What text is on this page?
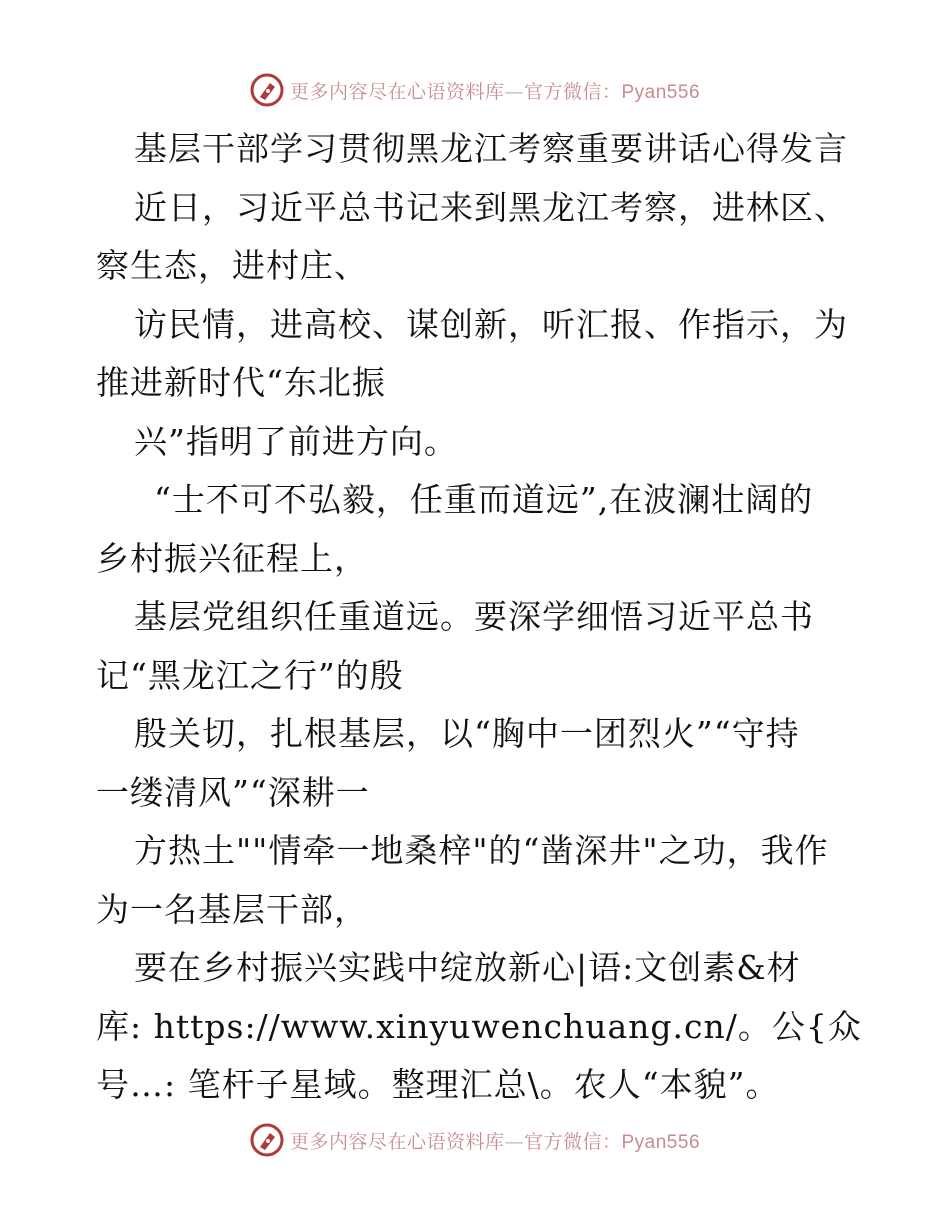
更多内容尽在心语资料库—官方微信：Pyan556
基层干部学习贯彻黑龙江考察重要讲话心得发言
近日，习近平总书记来到黑龙江考察，进林区、
察生态，进村庄、
访民情，进高校、谋创新，听汇报、作指示，为
推进新时代“东北振
兴”指明了前进方向。
“士不可不弘毅，任重而道远”,在波澜壮阔的
乡村振兴征程上，
基层党组织任重道远。要深学细悟习近平总书
记“黑龙江之行”的殷
殷关切，扎根基层，以“胸中一团烈火”“守持
一缕清风”“深耕一
方热土""情牵一地桑梓"的“凿深井"之功，我作
为一名基层干部，
要在乡村振兴实践中绽放新心|语:文创素&材
库: https://www.xinyuwenchuang.cn/。公{众
号…: 笔杆子星域。整理汇总\。农人“本貌”。
更多内容尽在心语资料库—官方微信：Pyan556
